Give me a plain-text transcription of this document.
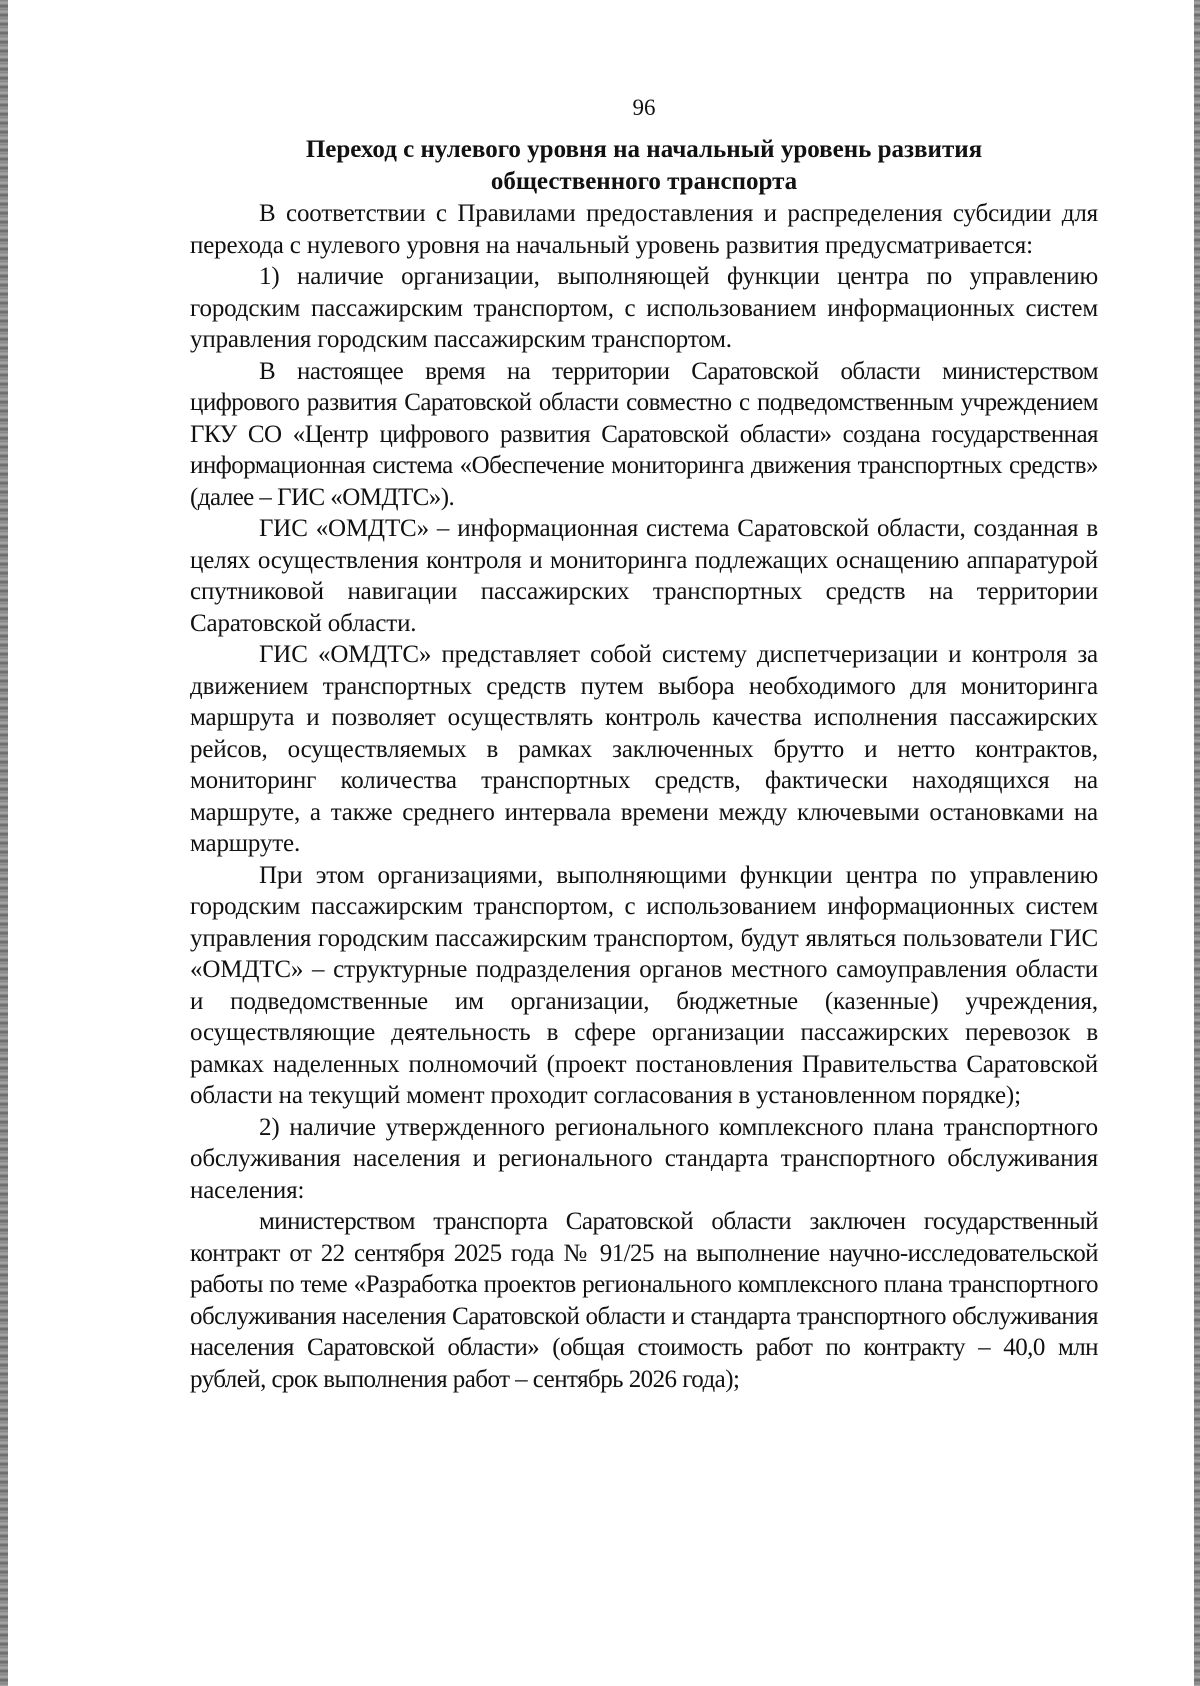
96

Переход с нулевого уровня на начальный уровень развития

общественного транспорта

В соответствии с Правилами предоставления и распределения субсидии для перехода с нулевого уровня на начальный уровень развития предусматривается:

1) наличие организации, выполняющей функции центра по управлению городским пассажирским транспортом, с использованием информационных систем управления городским пассажирским транспортом.

В настоящее время на территории Саратовской области министерством цифрового развития Саратовской области совместно с подведомственным учреждением ГКУ СО «Центр цифрового развития Саратовской области» создана государственная информационная система «Обеспечение мониторинга движения транспортных средств» (далее – ГИС «ОМДТС»).

ГИС «ОМДТС» – информационная система Саратовской области, созданная в целях осуществления контроля и мониторинга подлежащих оснащению аппаратурой спутниковой навигации пассажирских транспортных средств на территории Саратовской области.

ГИС «ОМДТС» представляет собой систему диспетчеризации и контроля за движением транспортных средств путем выбора необходимого для мониторинга маршрута и позволяет осуществлять контроль качества исполнения пассажирских рейсов, осуществляемых в рамках заключенных брутто и нетто контрактов, мониторинг количества транспортных средств, фактически находящихся на маршруте, а также среднего интервала времени между ключевыми остановками на маршруте.

При этом организациями, выполняющими функции центра по управлению городским пассажирским транспортом, с использованием информационных систем управления городским пассажирским транспортом, будут являться пользователи ГИС «ОМДТС» – структурные подразделения органов местного самоуправления области и подведомственные им организации, бюджетные (казенные) учреждения, осуществляющие деятельность в сфере организации пассажирских перевозок в рамках наделенных полномочий (проект постановления Правительства Саратовской области на текущий момент проходит согласования в установленном порядке);

2) наличие утвержденного регионального комплексного плана транспортного обслуживания населения и регионального стандарта транспортного обслуживания населения:

министерством транспорта Саратовской области заключен государственный контракт от 22 сентября 2025 года № 91/25 на выполнение научно-исследовательской работы по теме «Разработка проектов регионального комплексного плана транспортного обслуживания населения Саратовской области и стандарта транспортного обслуживания населения Саратовской области» (общая стоимость работ по контракту – 40,0 млн рублей, срок выполнения работ – сентябрь 2026 года);
